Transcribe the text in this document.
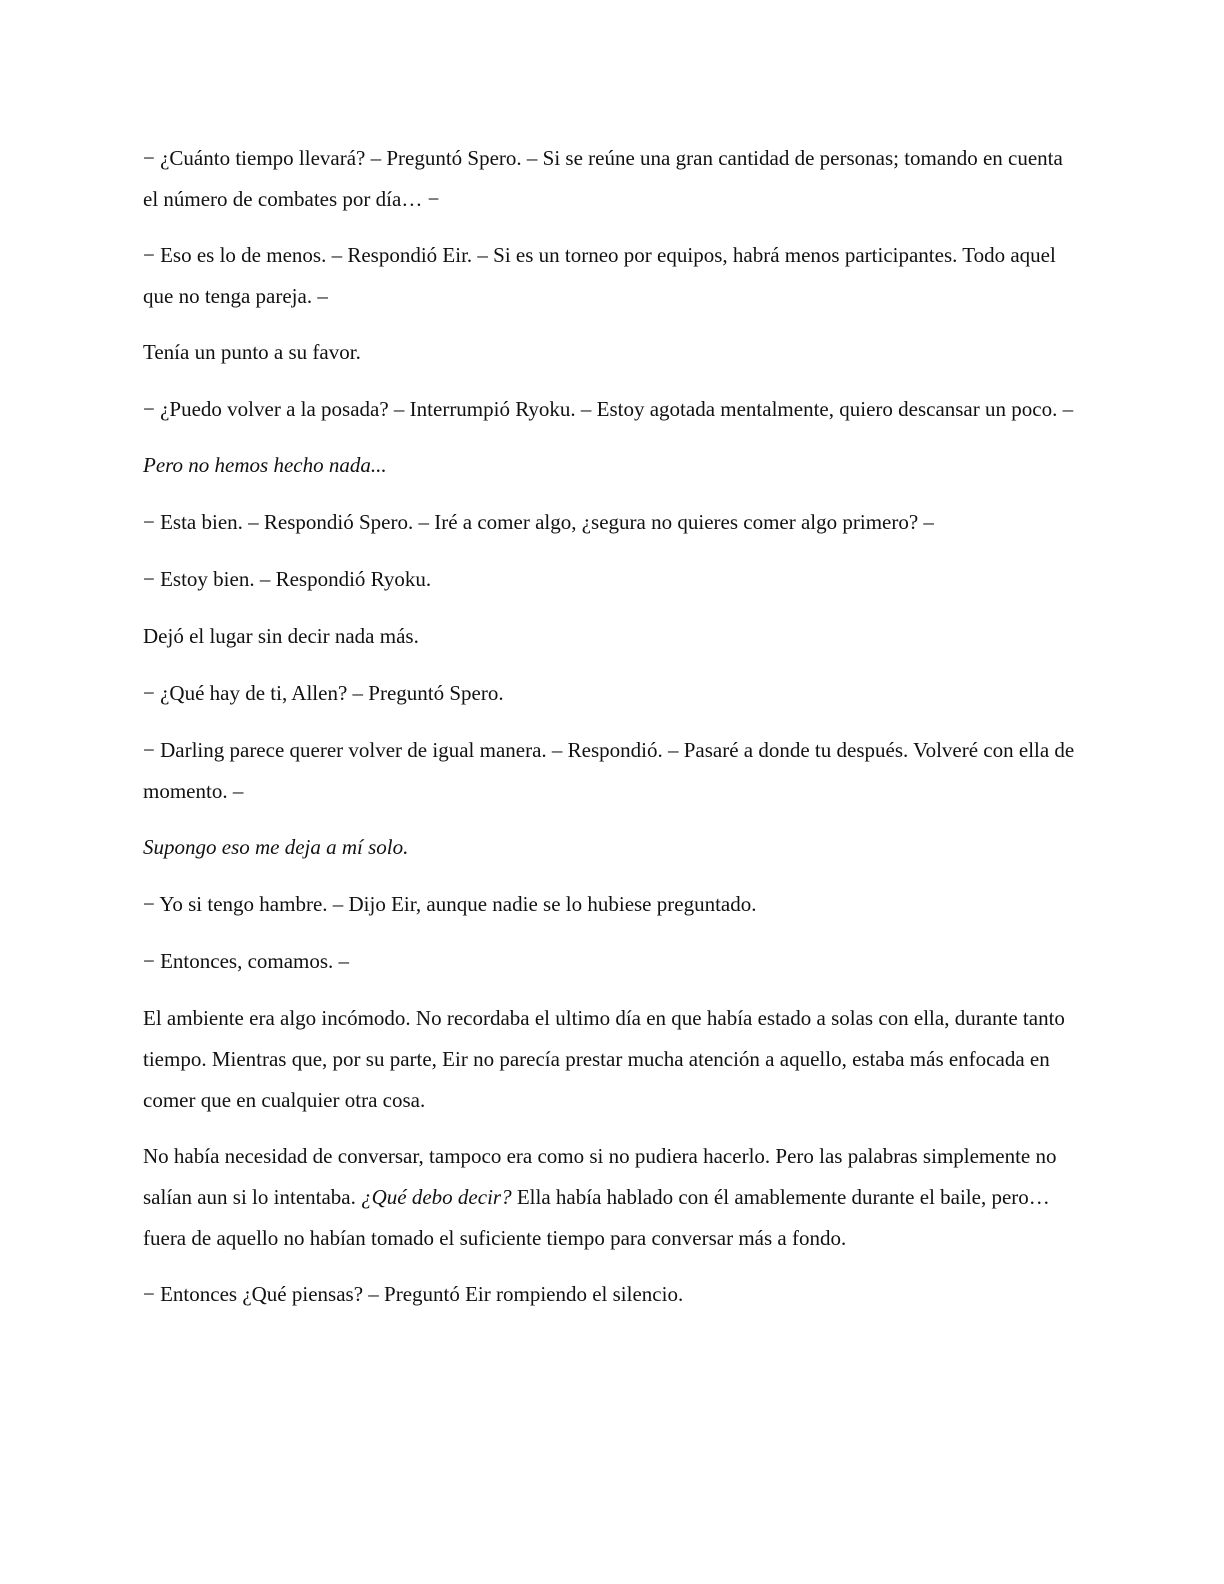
− ¿Cuánto tiempo llevará? – Preguntó Spero. – Si se reúne una gran cantidad de personas; tomando en cuenta el número de combates por día… −

− Eso es lo de menos. – Respondió Eir. – Si es un torneo por equipos, habrá menos participantes. Todo aquel que no tenga pareja. –

Tenía un punto a su favor.

− ¿Puedo volver a la posada? – Interrumpió Ryoku. – Estoy agotada mentalmente, quiero descansar un poco. –

Pero no hemos hecho nada...

− Esta bien. – Respondió Spero. – Iré a comer algo, ¿segura no quieres comer algo primero? –

− Estoy bien. – Respondió Ryoku.

Dejó el lugar sin decir nada más.

− ¿Qué hay de ti, Allen? – Preguntó Spero.

− Darling parece querer volver de igual manera. – Respondió. – Pasaré a donde tu después. Volveré con ella de momento. –

Supongo eso me deja a mí solo.

− Yo si tengo hambre. – Dijo Eir, aunque nadie se lo hubiese preguntado.

− Entonces, comamos. –

El ambiente era algo incómodo. No recordaba el ultimo día en que había estado a solas con ella, durante tanto tiempo. Mientras que, por su parte, Eir no parecía prestar mucha atención a aquello, estaba más enfocada en comer que en cualquier otra cosa.

No había necesidad de conversar, tampoco era como si no pudiera hacerlo. Pero las palabras simplemente no salían aun si lo intentaba. ¿Qué debo decir? Ella había hablado con él amablemente durante el baile, pero… fuera de aquello no habían tomado el suficiente tiempo para conversar más a fondo.

− Entonces ¿Qué piensas? – Preguntó Eir rompiendo el silencio.
